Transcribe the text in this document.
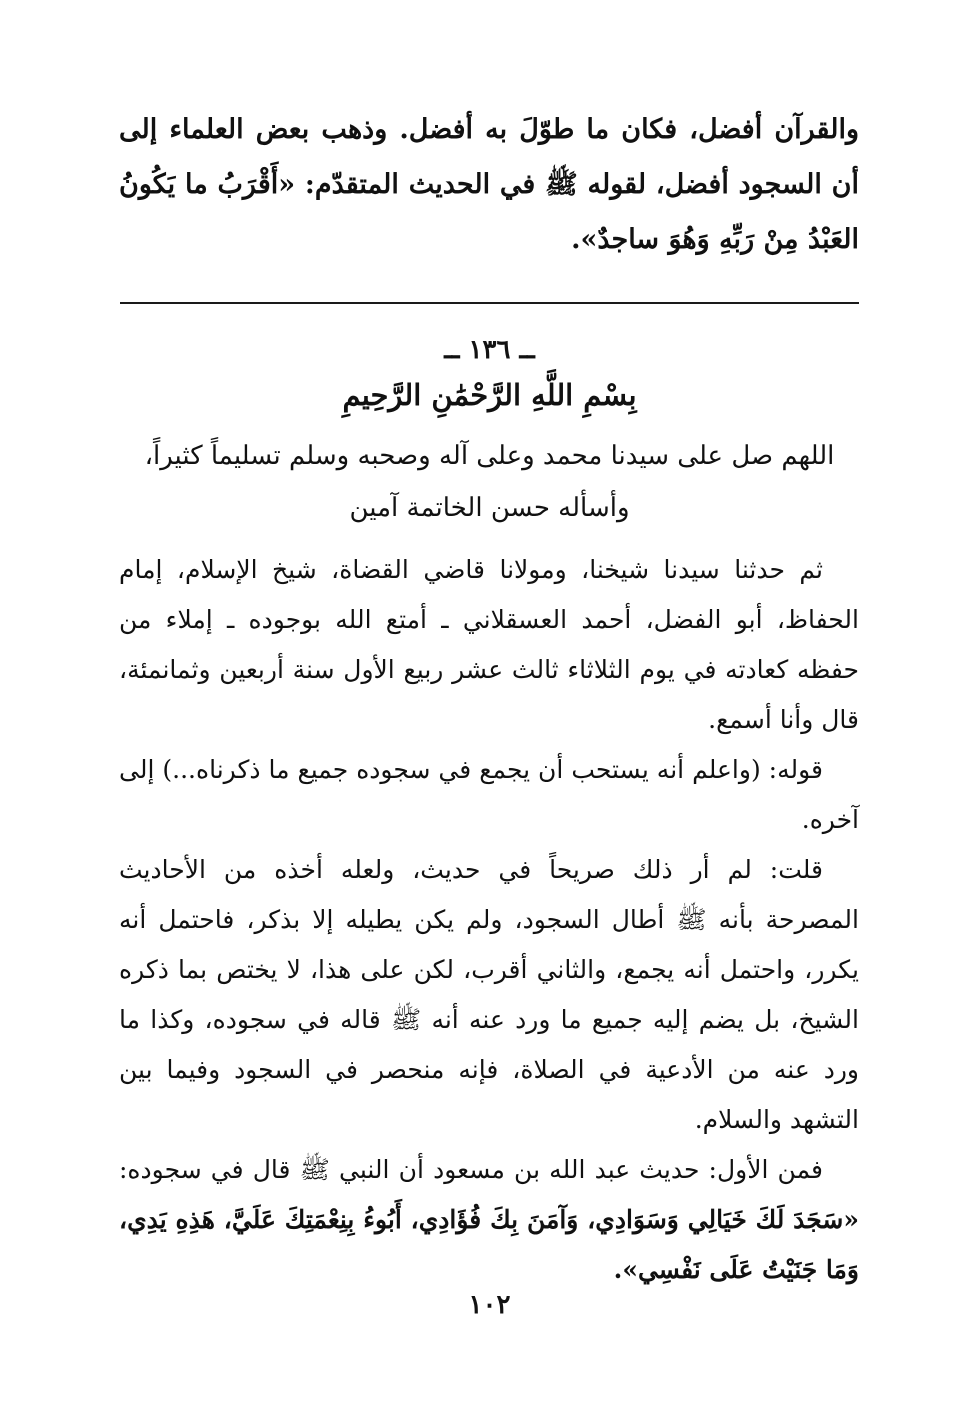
والقرآن أفضل، فكان ما طوّلَ به أفضل. وذهب بعض العلماء إلى أن السجود أفضل، لقوله ﷺ في الحديث المتقدّم: «أَقْرَبُ ما يَكُونُ العَبْدُ مِنْ رَبِّهِ وَهُوَ ساجدٌ».

ــ ١٣٦ ــ
بِسْمِ اللَّهِ الرَّحْمَٰنِ الرَّحِيمِ
اللهم صل على سيدنا محمد وعلى آله وصحبه وسلم تسليماً كثيراً،
وأسأله حسن الخاتمة آمين

ثم حدثنا سيدنا شيخنا، ومولانا قاضي القضاة، شيخ الإسلام، إمام الحفاظ، أبو الفضل، أحمد العسقلاني ـ أمتع الله بوجوده ـ إملاء من حفظه كعادته في يوم الثلاثاء ثالث عشر ربيع الأول سنة أربعين وثمانمئة، قال وأنا أسمع.

قوله: (واعلم أنه يستحب أن يجمع في سجوده جميع ما ذكرناه...) إلى آخره.

قلت: لم أر ذلك صريحاً في حديث، ولعله أخذه من الأحاديث المصرحة بأنه ﷺ أطال السجود، ولم يكن يطيله إلا بذكر، فاحتمل أنه يكرر، واحتمل أنه يجمع، والثاني أقرب، لكن على هذا، لا يختص بما ذكره الشيخ، بل يضم إليه جميع ما ورد عنه أنه ﷺ قاله في سجوده، وكذا ما ورد عنه من الأدعية في الصلاة، فإنه منحصر في السجود وفيما بين التشهد والسلام.

فمن الأول: حديث عبد الله بن مسعود أن النبي ﷺ قال في سجوده: «سَجَدَ لَكَ خَيَالِي وَسَوَادِي، وَآمَنَ بِكَ فُؤَادِي، أَبُوءُ بِنِعْمَتِكَ عَلَيَّ، هَذِهِ يَدِي، وَمَا جَنَيْتُ عَلَى نَفْسِي».

١٠٢
